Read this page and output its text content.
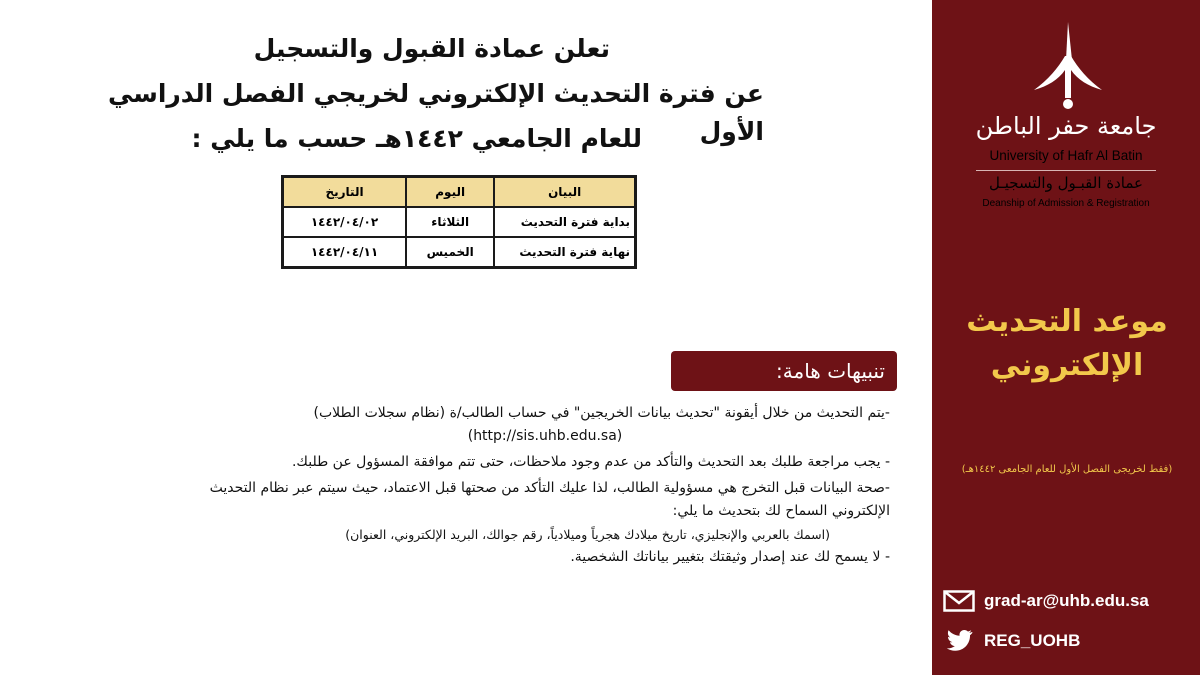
تعلن عمادة القبول والتسجيل
عن فترة التحديث الإلكتروني لخريجي الفصل الدراسي الأول
للعام الجامعي ١٤٤٢هـ حسب ما يلي :
البيان	اليوم	التاريخ
بداية فترة التحديث	الثلاثاء	١٤٤٢/٠٤/٠٢
نهاية فترة التحديث	الخميس	١٤٤٢/٠٤/١١
تنبيهات هامة:

-يتم التحديث من خلال أيقونة "تحديث بيانات الخريجين" في حساب الطالب/ة (نظام سجلات الطلاب)

(http://sis.uhb.edu.sa)

- يجب مراجعة طلبك بعد التحديث والتأكد من عدم وجود ملاحظات، حتى تتم موافقة المسؤول عن طلبك.

-صحة البيانات قبل التخرج هي مسؤولية الطالب، لذا عليك التأكد من صحتها قبل الاعتماد، حيث سيتم عبر نظام التحديث الإلكتروني السماح لك بتحديث ما يلي:

(اسمك بالعربي والإنجليزي، تاريخ ميلادك هجرياً وميلادياً، رقم جوالك، البريد الإلكتروني، العنوان)

- لا يسمح لك عند إصدار وثيقتك بتغيير بياناتك الشخصية.

جامعة حفر الباطن
University of Hafr Al Batin
عمادة القبـول والتسجيـل
Deanship of Admission & Registration
موعد التحديث الإلكتروني
(فقط لخريجى الفصل الأول للعام الجامعى ١٤٤٢هـ)
grad-ar@uhb.edu.sa
REG_UOHB
